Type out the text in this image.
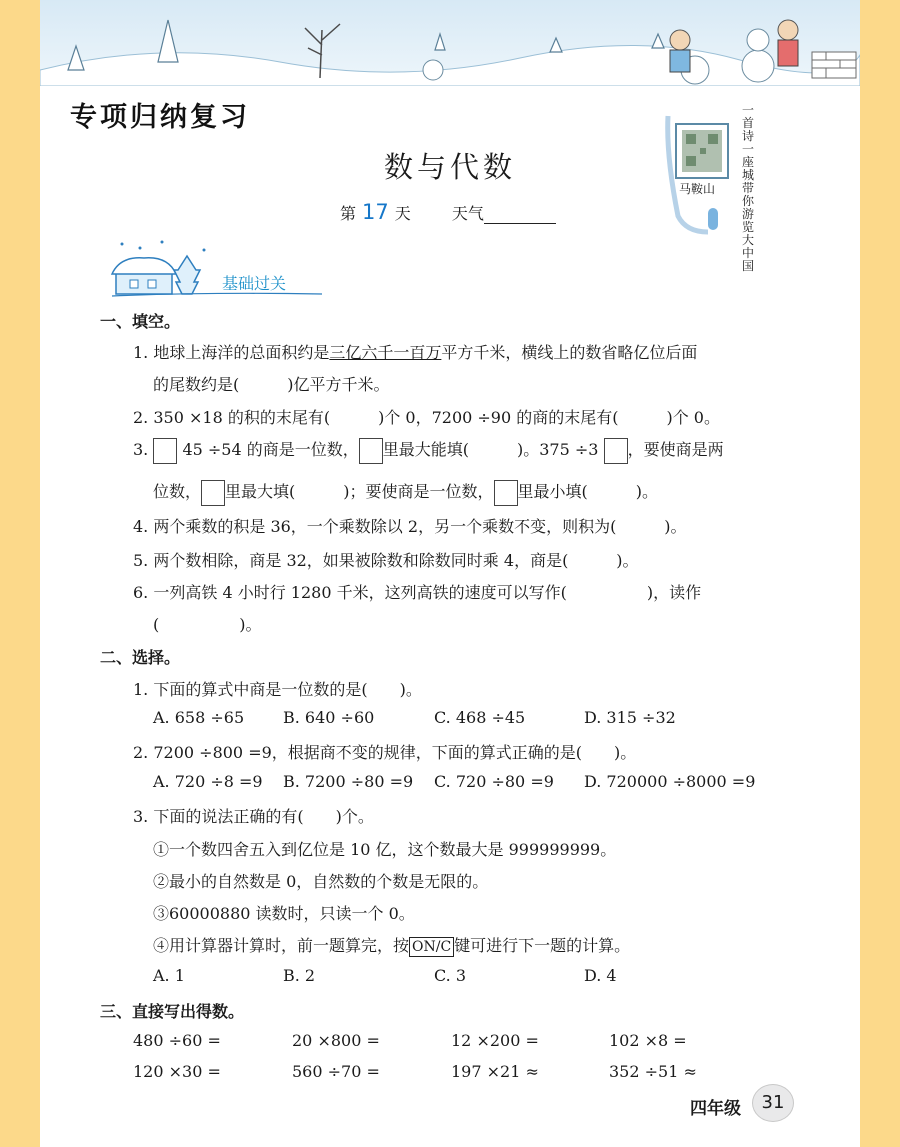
专项归纳复习
数与代数
第 17 天	天气
马鞍山
一首诗一座城带你游览大中国
基础过关
一、填空。
1. 地球上海洋的总面积约是三亿六千一百万平方千米，横线上的数省略亿位后面
的尾数约是(　　　)亿平方千米。
2. 350 ×18 的积的末尾有(　　　)个 0，7200 ÷90 的商的末尾有(　　　)个 0。
3. 45 ÷54 的商是一位数， 里最大能填(　　　)。375 ÷3 ，要使商是两
位数， 里最大填(　　　)；要使商是一位数， 里最小填(　　　)。
4. 两个乘数的积是 36，一个乘数除以 2，另一个乘数不变，则积为(　　　)。
5. 两个数相除，商是 32，如果被除数和除数同时乘 4，商是(　　　)。
6. 一列高铁 4 小时行 1280 千米，这列高铁的速度可以写作(　　　　　)，读作
(　　　　　)。
二、选择。
1. 下面的算式中商是一位数的是(　　)。
A. 658 ÷65 B. 640 ÷60	C. 468 ÷45	D. 315 ÷32
2. 7200 ÷800 =9，根据商不变的规律，下面的算式正确的是(　　)。
A. 720 ÷8 =9 B. 7200 ÷80 =9 C. 720 ÷80 =9 D. 720000 ÷8000 =9
3. 下面的说法正确的有(　　)个。
①一个数四舍五入到亿位是 10 亿，这个数最大是 999999999。
②最小的自然数是 0，自然数的个数是无限的。
③60000880 读数时，只读一个 0。
④用计算器计算时，前一题算完，按 ON/C 键可进行下一题的计算。
A. 1	B. 2	C. 3	D. 4
三、直接写出得数。
480 ÷60 =	20 ×800 =	12 ×200 =	102 ×8 =
120 ×30 =	560 ÷70 =	197 ×21 ≈	352 ÷51 ≈
四年级	31
